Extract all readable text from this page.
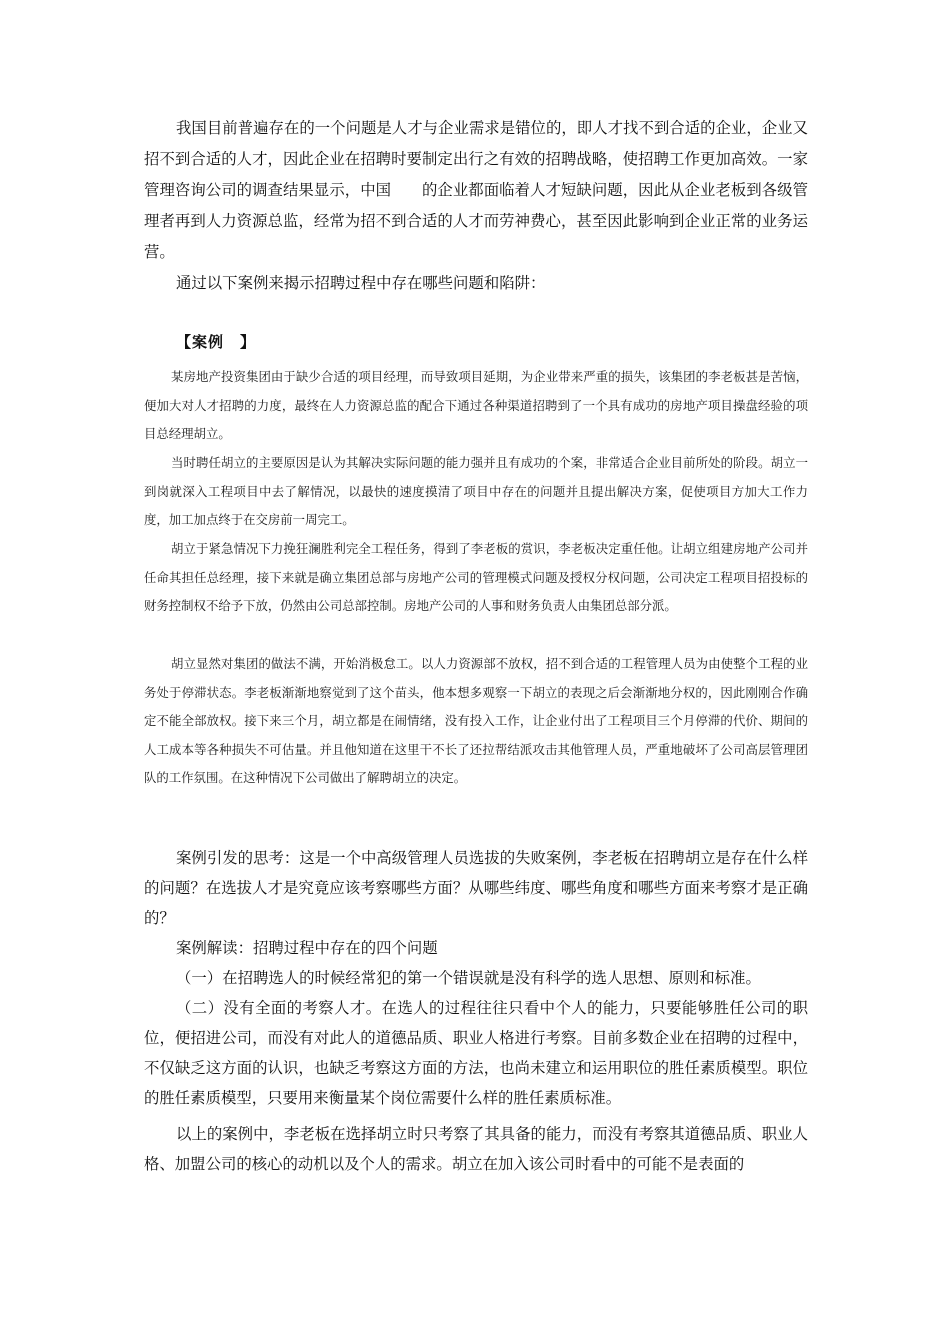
我国目前普遍存在的一个问题是人才与企业需求是错位的，即人才找不到合适的企业，企业又招不到合适的人才，因此企业在招聘时要制定出行之有效的招聘战略，使招聘工作更加高效。一家管理咨询公司的调查结果显示，中国　　的企业都面临着人才短缺问题，因此从企业老板到各级管理者再到人力资源总监，经常为招不到合适的人才而劳神费心，甚至因此影响到企业正常的业务运营。

通过以下案例来揭示招聘过程中存在哪些问题和陷阱：

【案例　】

某房地产投资集团由于缺少合适的项目经理，而导致项目延期，为企业带来严重的损失，该集团的李老板甚是苦恼，便加大对人才招聘的力度，最终在人力资源总监的配合下通过各种渠道招聘到了一个具有成功的房地产项目操盘经验的项目总经理胡立。

当时聘任胡立的主要原因是认为其解决实际问题的能力强并且有成功的个案，非常适合企业目前所处的阶段。胡立一到岗就深入工程项目中去了解情况，以最快的速度摸清了项目中存在的问题并且提出解决方案，促使项目方加大工作力度，加工加点终于在交房前一周完工。

胡立于紧急情况下力挽狂澜胜利完全工程任务，得到了李老板的赏识，李老板决定重任他。让胡立组建房地产公司并任命其担任总经理，接下来就是确立集团总部与房地产公司的管理模式问题及授权分权问题，公司决定工程项目招投标的财务控制权不给予下放，仍然由公司总部控制。房地产公司的人事和财务负责人由集团总部分派。

胡立显然对集团的做法不满，开始消极怠工。以人力资源部不放权，招不到合适的工程管理人员为由使整个工程的业务处于停滞状态。李老板渐渐地察觉到了这个苗头，他本想多观察一下胡立的表现之后会渐渐地分权的，因此刚刚合作确定不能全部放权。接下来三个月，胡立都是在闹情绪，没有投入工作，让企业付出了工程项目三个月停滞的代价、期间的人工成本等各种损失不可估量。并且他知道在这里干不长了还拉帮结派攻击其他管理人员，严重地破坏了公司高层管理团队的工作氛围。在这种情况下公司做出了解聘胡立的决定。

案例引发的思考：这是一个中高级管理人员选拔的失败案例，李老板在招聘胡立是存在什么样的问题？在选拔人才是究竟应该考察哪些方面？从哪些纬度、哪些角度和哪些方面来考察才是正确的？

案例解读：招聘过程中存在的四个问题

（一）在招聘选人的时候经常犯的第一个错误就是没有科学的选人思想、原则和标准。

（二）没有全面的考察人才。在选人的过程往往只看中个人的能力，只要能够胜任公司的职位，便招进公司，而没有对此人的道德品质、职业人格进行考察。目前多数企业在招聘的过程中，不仅缺乏这方面的认识，也缺乏考察这方面的方法，也尚未建立和运用职位的胜任素质模型。职位的胜任素质模型，只要用来衡量某个岗位需要什么样的胜任素质标准。

以上的案例中，李老板在选择胡立时只考察了其具备的能力，而没有考察其道德品质、职业人格、加盟公司的核心的动机以及个人的需求。胡立在加入该公司时看中的可能不是表面的
